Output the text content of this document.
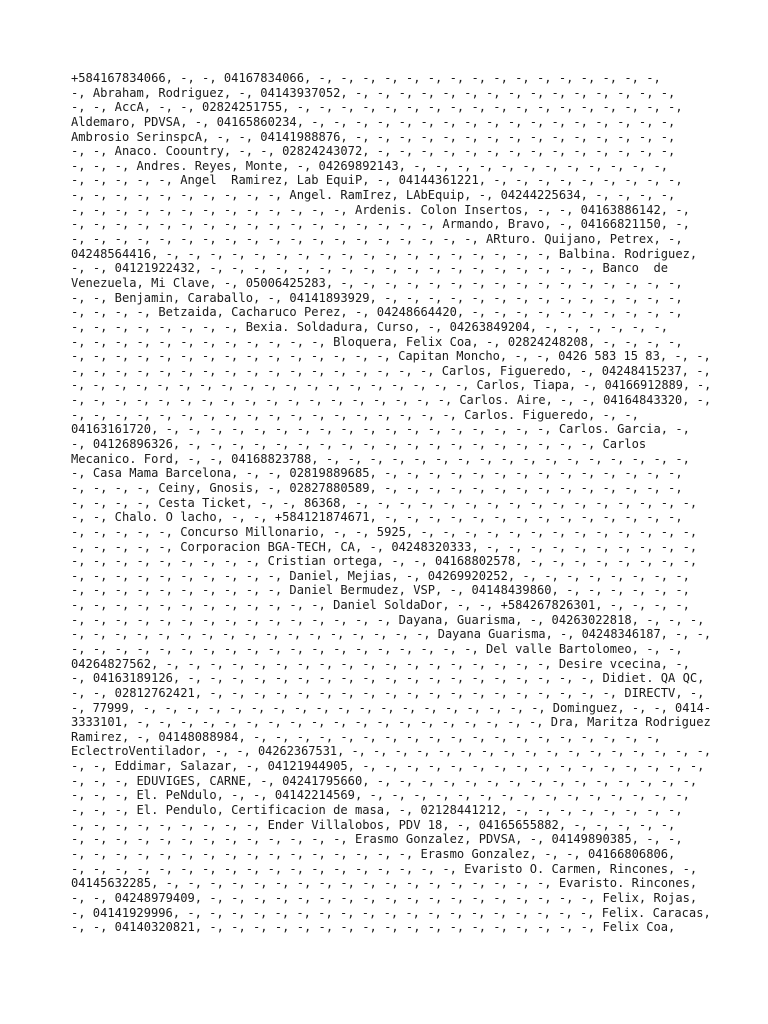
+584167834066, -, -, 04167834066, -, -, -, -, -, -, -, -, -, -, -, -, -, -, -, -,
-, Abraham, Rodriguez, -, 04143937052, -, -, -, -, -, -, -, -, -, -, -, -, -, -, -,
-, -, AccA, -, -, 02824251755, -, -, -, -, -, -, -, -, -, -, -, -, -, -, -, -, -, -,
Aldemaro, PDVSA, -, 04165860234, -, -, -, -, -, -, -, -, -, -, -, -, -, -, -, -, -,
Ambrosio SerinspcA, -, -, 04141988876, -, -, -, -, -, -, -, -, -, -, -, -, -, -, -,
-, -, Anaco. Coountry, -, -, 02824243072, -, -, -, -, -, -, -, -, -, -, -, -, -, -,
-, -, -, Andres. Reyes, Monte, -, 04269892143, -, -, -, -, -, -, -, -, -, -, -, -,
-, -, -, -, -, Angel  Ramirez, Lab EquiP, -, 04144361221, -, -, -, -, -, -, -, -, -,
-, -, -, -, -, -, -, -, -, -, Angel. RamIrez, LAbEquip, -, 04244225634, -, -, -, -,
-, -, -, -, -, -, -, -, -, -, -, -, -, Ardenis. Colon Insertos, -, -, 04163886142, -,
-, -, -, -, -, -, -, -, -, -, -, -, -, -, -, -, -, Armando, Bravo, -, 04166821150, -,
-, -, -, -, -, -, -, -, -, -, -, -, -, -, -, -, -, -, -, ARturo. Quijano, Petrex, -,
04248564416, -, -, -, -, -, -, -, -, -, -, -, -, -, -, -, -, -, -, Balbina. Rodriguez,
-, -, 04121922432, -, -, -, -, -, -, -, -, -, -, -, -, -, -, -, -, -, -, Banco  de
Venezuela, Mi Clave, -, 05006425283, -, -, -, -, -, -, -, -, -, -, -, -, -, -, -, -,
-, -, Benjamin, Caraballo, -, 04141893929, -, -, -, -, -, -, -, -, -, -, -, -, -, -,
-, -, -, -, Betzaida, Cacharuco Perez, -, 04248664420, -, -, -, -, -, -, -, -, -, -,
-, -, -, -, -, -, -, -, Bexia. Soldadura, Curso, -, 04263849204, -, -, -, -, -, -,
-, -, -, -, -, -, -, -, -, -, -, -, Bloquera, Felix Coa, -, 02824248208, -, -, -, -,
-, -, -, -, -, -, -, -, -, -, -, -, -, -, -, Capitan Moncho, -, -, 0426 583 15 83, -, -,
-, -, -, -, -, -, -, -, -, -, -, -, -, -, -, -, -, Carlos, Figueredo, -, 04248415237, -,
-, -, -, -, -, -, -, -, -, -, -, -, -, -, -, -, -, -, -, Carlos, Tiapa, -, 04166912889, -,
-, -, -, -, -, -, -, -, -, -, -, -, -, -, -, -, -, -, Carlos. Aire, -, -, 04164843320, -,
-, -, -, -, -, -, -, -, -, -, -, -, -, -, -, -, -, -, Carlos. Figueredo, -, -,
04163161720, -, -, -, -, -, -, -, -, -, -, -, -, -, -, -, -, -, -, Carlos. Garcia, -,
-, 04126896326, -, -, -, -, -, -, -, -, -, -, -, -, -, -, -, -, -, -, -, Carlos
Mecanico. Ford, -, -, 04168823788, -, -, -, -, -, -, -, -, -, -, -, -, -, -, -, -, -,
-, Casa Mama Barcelona, -, -, 02819889685, -, -, -, -, -, -, -, -, -, -, -, -, -, -,
-, -, -, -, Ceiny, Gnosis, -, 02827880589, -, -, -, -, -, -, -, -, -, -, -, -, -, -,
-, -, -, -, Cesta Ticket, -, -, 86368, -, -, -, -, -, -, -, -, -, -, -, -, -, -, -, -,
-, -, Chalo. O lacho, -, -, +584121874671, -, -, -, -, -, -, -, -, -, -, -, -, -, -,
-, -, -, -, -, Concurso Millonario, -, -, 5925, -, -, -, -, -, -, -, -, -, -, -, -, -,
-, -, -, -, -, Corporacion BGA-TECH, CA, -, 04248320333, -, -, -, -, -, -, -, -, -, -,
-, -, -, -, -, -, -, -, -, Cristian ortega, -, -, 04168802578, -, -, -, -, -, -, -, -,
-, -, -, -, -, -, -, -, -, -, Daniel, Mejias, -, 04269920252, -, -, -, -, -, -, -, -,
-, -, -, -, -, -, -, -, -, -, Daniel Bermudez, VSP, -, 04148439860, -, -, -, -, -, -,
-, -, -, -, -, -, -, -, -, -, -, -, Daniel SoldaDor, -, -, +584267826301, -, -, -, -,
-, -, -, -, -, -, -, -, -, -, -, -, -, -, -, Dayana, Guarisma, -, 04263022818, -, -, -,
-, -, -, -, -, -, -, -, -, -, -, -, -, -, -, -, -, Dayana Guarisma, -, 04248346187, -, -,
-, -, -, -, -, -, -, -, -, -, -, -, -, -, -, -, -, -, -, Del valle Bartolomeo, -, -,
04264827562, -, -, -, -, -, -, -, -, -, -, -, -, -, -, -, -, -, -, Desire vcecina, -,
-, 04163189126, -, -, -, -, -, -, -, -, -, -, -, -, -, -, -, -, -, -, -, Didiet. QA QC,
-, -, 02812762421, -, -, -, -, -, -, -, -, -, -, -, -, -, -, -, -, -, -, -, DIRECTV, -,
-, 77999, -, -, -, -, -, -, -, -, -, -, -, -, -, -, -, -, -, -, -, Dominguez, -, -, 0414-
3333101, -, -, -, -, -, -, -, -, -, -, -, -, -, -, -, -, -, -, -, Dra, Maritza Rodriguez
Ramirez, -, 04148088984, -, -, -, -, -, -, -, -, -, -, -, -, -, -, -, -, -, -, -,
EclectroVentilador, -, -, 04262367531, -, -, -, -, -, -, -, -, -, -, -, -, -, -, -, -, -,
-, -, Eddimar, Salazar, -, 04121944905, -, -, -, -, -, -, -, -, -, -, -, -, -, -, -, -,
-, -, -, EDUVIGES, CARNE, -, 04241795660, -, -, -, -, -, -, -, -, -, -, -, -, -, -, -,
-, -, -, El. PeNdulo, -, -, 04142214569, -, -, -, -, -, -, -, -, -, -, -, -, -, -, -,
-, -, -, El. Pendulo, Certificacion de masa, -, 02128441212, -, -, -, -, -, -, -, -,
-, -, -, -, -, -, -, -, -, Ender Villalobos, PDV 18, -, 04165655882, -, -, -, -, -,
-, -, -, -, -, -, -, -, -, -, -, -, -, Erasmo Gonzalez, PDVSA, -, 04149890385, -, -,
-, -, -, -, -, -, -, -, -, -, -, -, -, -, -, -, Erasmo Gonzalez, -, -, 04166806806,
-, -, -, -, -, -, -, -, -, -, -, -, -, -, -, -, -, -, Evaristo O. Carmen, Rincones, -,
04145632285, -, -, -, -, -, -, -, -, -, -, -, -, -, -, -, -, -, -, Evaristo. Rincones,
-, -, 04248979409, -, -, -, -, -, -, -, -, -, -, -, -, -, -, -, -, -, -, Felix, Rojas,
-, 04141929996, -, -, -, -, -, -, -, -, -, -, -, -, -, -, -, -, -, -, -, Felix. Caracas,
-, -, 04140320821, -, -, -, -, -, -, -, -, -, -, -, -, -, -, -, -, -, -, Felix Coa,
